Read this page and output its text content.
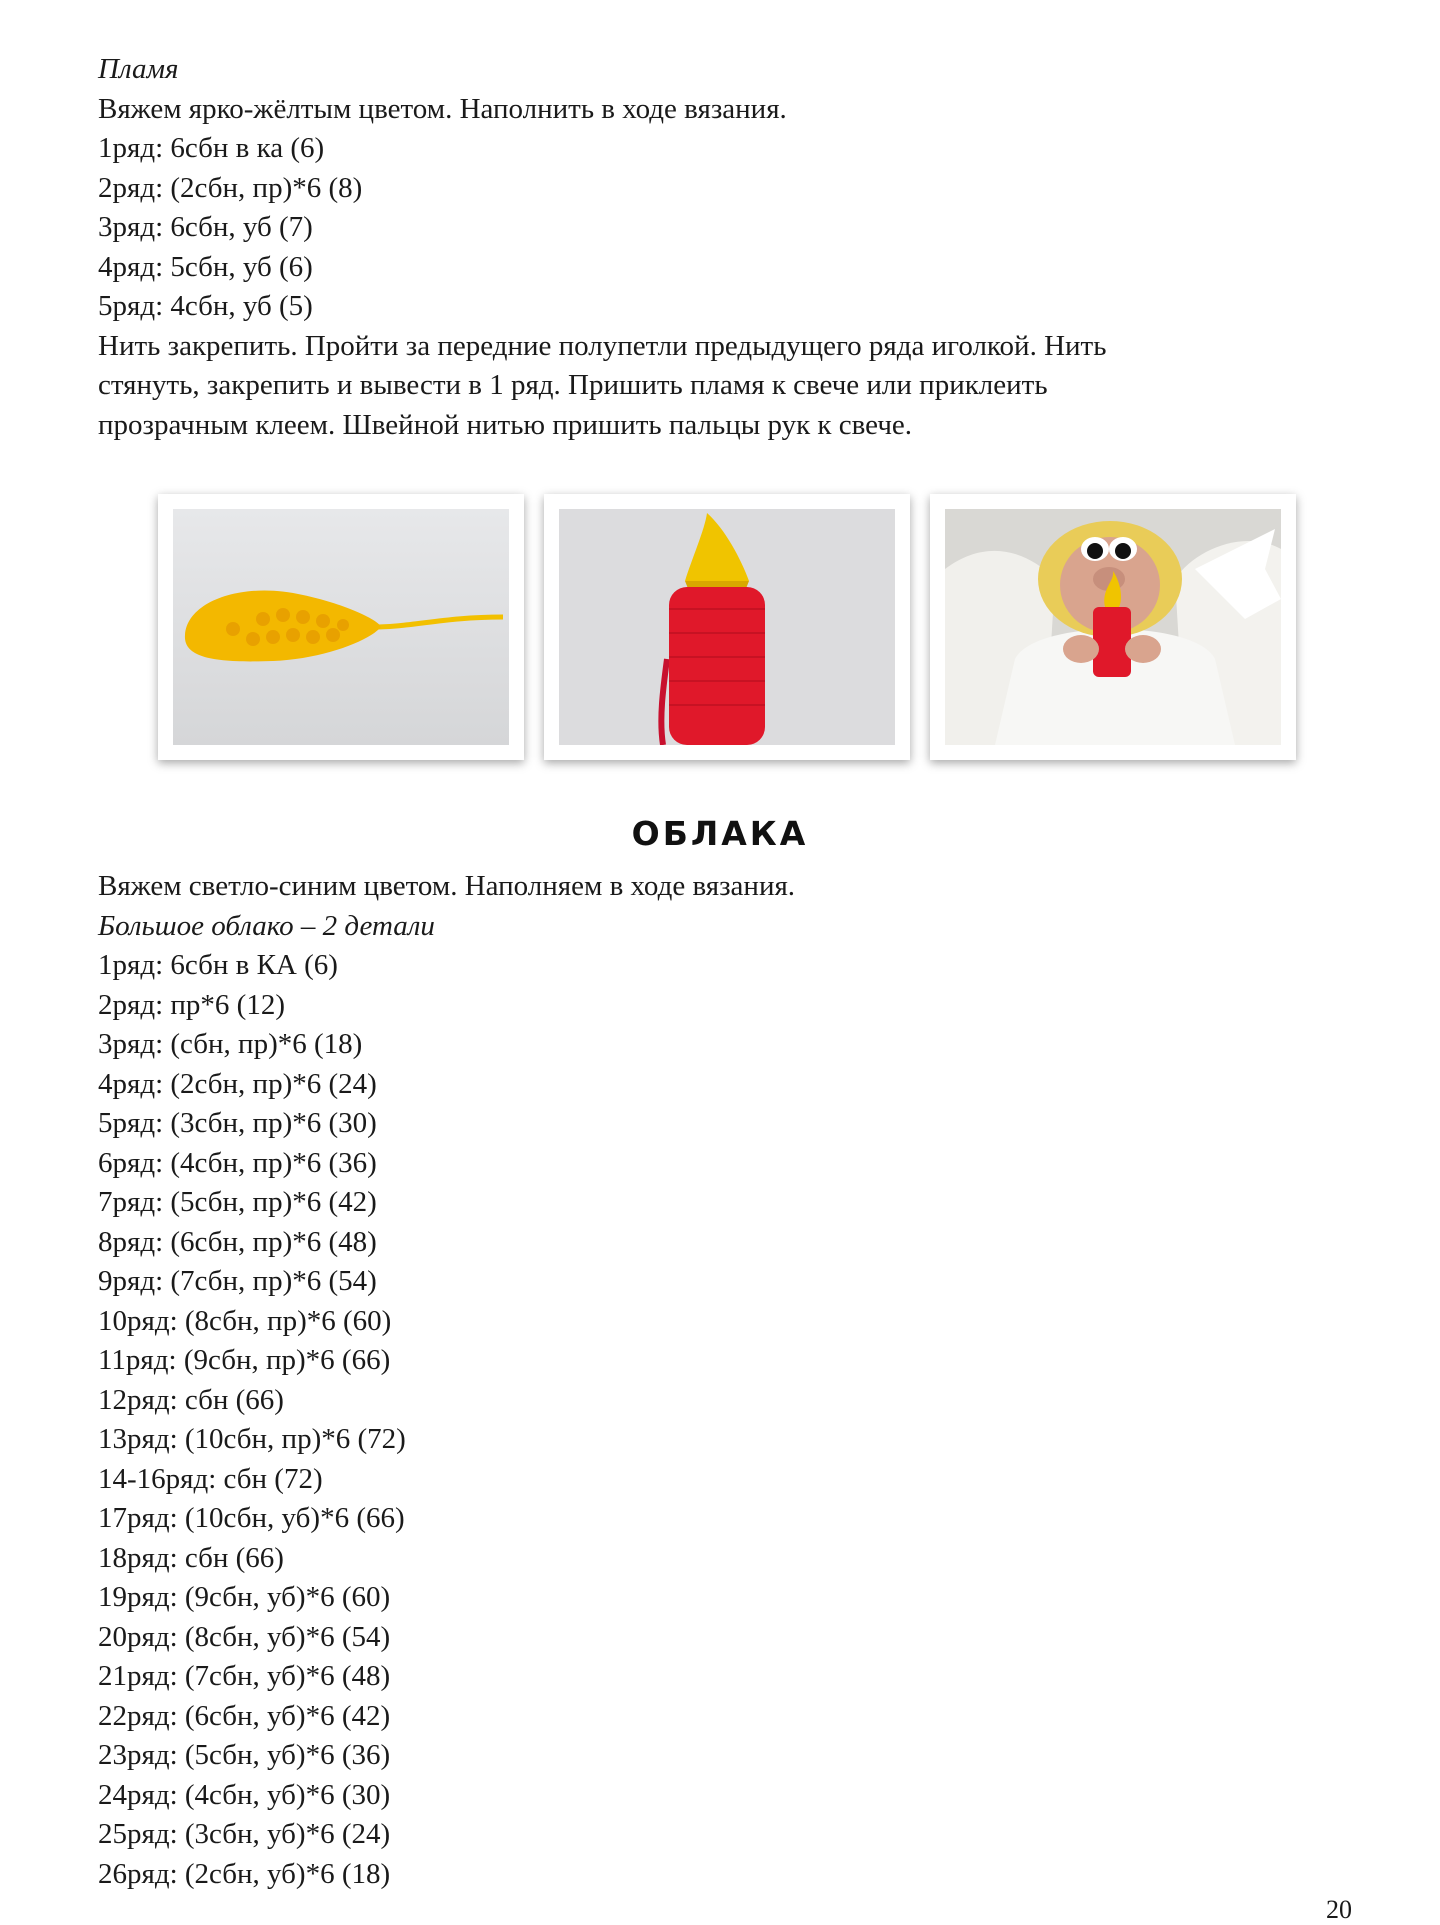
Пламя
Вяжем ярко-жёлтым цветом. Наполнить в ходе вязания.
1ряд: 6сбн в ка (6)
2ряд: (2сбн, пр)*6 (8)
3ряд: 6сбн, уб (7)
4ряд: 5сбн, уб (6)
5ряд: 4сбн, уб (5)
Нить закрепить. Пройти за передние полупетли предыдущего ряда иголкой. Нить
стянуть, закрепить и вывести в 1 ряд. Пришить пламя к свече или приклеить
прозрачным клеем. Швейной нитью пришить пальцы рук к свече.
ОБЛАКА
Вяжем светло-синим цветом. Наполняем в ходе вязания.
Большое облако – 2 детали
1ряд: 6сбн в КА (6)
2ряд: пр*6 (12)
3ряд: (сбн, пр)*6 (18)
4ряд: (2сбн, пр)*6 (24)
5ряд: (3сбн, пр)*6 (30)
6ряд: (4сбн, пр)*6 (36)
7ряд: (5сбн, пр)*6 (42)
8ряд: (6сбн, пр)*6 (48)
9ряд: (7сбн, пр)*6 (54)
10ряд: (8сбн, пр)*6 (60)
11ряд: (9сбн, пр)*6 (66)
12ряд: сбн (66)
13ряд: (10сбн, пр)*6 (72)
14-16ряд: сбн (72)
17ряд: (10сбн, уб)*6 (66)
18ряд: сбн (66)
19ряд: (9сбн, уб)*6 (60)
20ряд: (8сбн, уб)*6 (54)
21ряд: (7сбн, уб)*6 (48)
22ряд: (6сбн, уб)*6 (42)
23ряд: (5сбн, уб)*6 (36)
24ряд: (4сбн, уб)*6 (30)
25ряд: (3сбн, уб)*6 (24)
26ряд: (2сбн, уб)*6 (18)
20
